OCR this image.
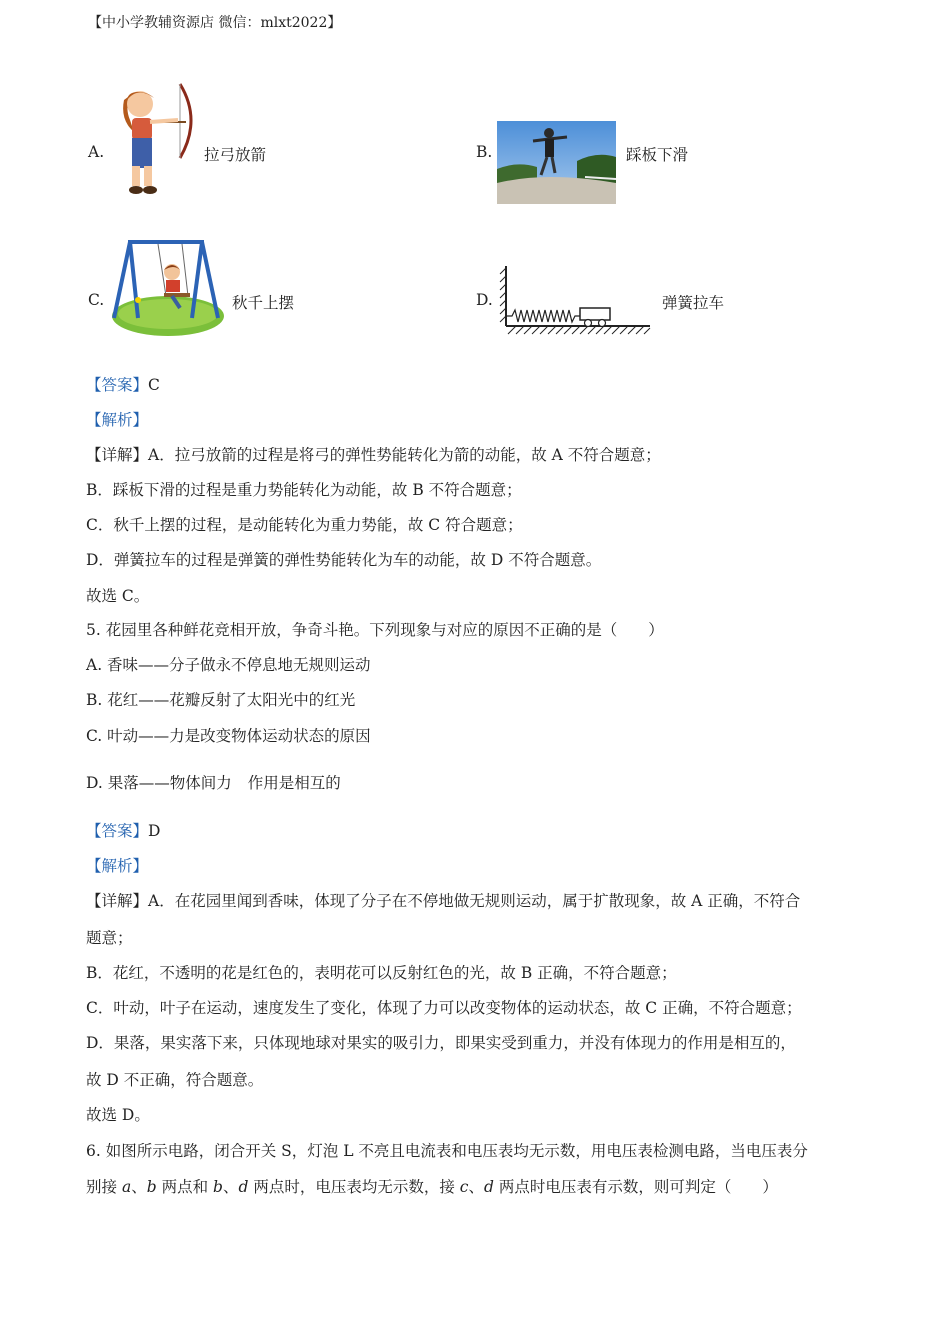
【中小学教辅资源店 微信：mlxt2022】
A.	拉弓放箭	B.	踩板下滑
C.	秋千上摆	D.	弹簧拉车
【答案】C
【解析】
【详解】A．拉弓放箭的过程是将弓的弹性势能转化为箭的动能，故 A 不符合题意；
B．踩板下滑的过程是重力势能转化为动能，故 B 不符合题意；
C．秋千上摆的过程，是动能转化为重力势能，故 C 符合题意；
D．弹簧拉车的过程是弹簧的弹性势能转化为车的动能，故 D 不符合题意。
故选 C。
5. 花园里各种鲜花竞相开放，争奇斗艳。下列现象与对应的原因不正确的是（　　）
A. 香味——分子做永不停息地无规则运动
B. 花红——花瓣反射了太阳光中的红光
C. 叶动——力是改变物体运动状态的原因
D. 果落——物体间力 作用是相互的
【答案】D
【解析】
【详解】A．在花园里闻到香味，体现了分子在不停地做无规则运动，属于扩散现象，故 A 正确，不符合
题意；
B．花红，不透明的花是红色的，表明花可以反射红色的光，故 B 正确，不符合题意；
C．叶动，叶子在运动，速度发生了变化，体现了力可以改变物体的运动状态，故 C 正确，不符合题意；
D．果落，果实落下来，只体现地球对果实的吸引力，即果实受到重力，并没有体现力的作用是相互的，
故 D 不正确，符合题意。
故选 D。
6. 如图所示电路，闭合开关 S，灯泡 L 不亮且电流表和电压表均无示数，用电压表检测电路，当电压表分
别接 a、b 两点和 b、d 两点时，电压表均无示数，接 c、d 两点时电压表有示数，则可判定（　　）
